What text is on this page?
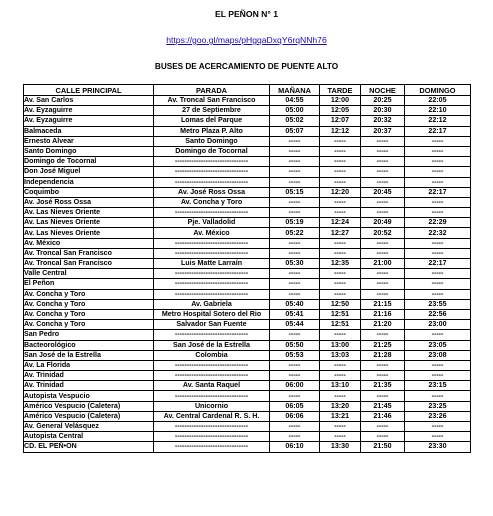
EL PEÑON N° 1
https://goo.gl/maps/pHgqaDxqY6rqNNh76
BUSES DE ACERCAMIENTO DE PUENTE ALTO
CALLE PRINCIPAL	PARADA	MAÑANA	TARDE	NOCHE	DOMINGO
Av. San Carlos	Av. Troncal San Francisco	04:55	12:00	20:25	22:05
Av. Eyzaguirre	27 de Septiembre	05:00	12:05	20:30	22:10
Av. Eyzaguirre	Lomas del Parque	05:02	12:07	20:32	22:12
Balmaceda	Metro Plaza P. Alto	05:07	12:12	20:37	22:17
Ernesto Alvear	Santo Domingo	-----	-----	-----	-----
Santo Domingo	Domingo de Tocornal	-----	-----	-----	-----
Domingo de Tocornal	-------------------------------	-----	-----	-----	-----
Don José Miguel	-------------------------------	-----	-----	-----	-----
Independencia	-------------------------------	-----	-----	-----	-----
Coquimbo	Av. José Ross Ossa	05:15	12:20	20:45	22:17
Av. José Ross Ossa	Av. Concha y Toro	-----	-----	-----	-----
Av. Las Nieves Oriente	-------------------------------	-----	-----	-----	-----
Av. Las Nieves Oriente	Pje. Valladolid	05:19	12:24	20:49	22:29
Av. Las Nieves Oriente	Av. México	05:22	12:27	20:52	22:32
Av. México	-------------------------------	-----	-----	-----	-----
Av. Troncal San Francisco	-------------------------------	-----	-----	-----	-----
Av. Troncal San Francisco	Luis Matte Larraín	05:30	12:35	21:00	22:17
Valle Central	-------------------------------	-----	-----	-----	-----
El Peñon	-------------------------------	-----	-----	-----	-----
Av. Concha y Toro	-------------------------------	-----	-----	-----	-----
Av. Concha y Toro	Av. Gabriela	05:40	12:50	21:15	23:55
Av. Concha y Toro	Metro Hospital Sotero del Rio	05:41	12:51	21:16	22:56
Av. Concha y Toro	Salvador San Fuente	05:44	12:51	21:20	23:00
San Pedro	-------------------------------	-----	-----	-----	-----
Bacteorológico	San José de la Estrella	05:50	13:00	21:25	23:05
San José de la Estrella	Colombia	05:53	13:03	21:28	23:08
Av. La Florida	-------------------------------	-----	-----	-----	-----
Av. Trinidad	-------------------------------	-----	-----	-----	-----
Av. Trinidad	Av. Santa Raquel	06:00	13:10	21:35	23:15
Autopista Vespucio	-------------------------------	-----	-----	-----	-----
Américo Vespucio (Caletera)	Unicornio	06:05	13:20	21:45	23:25
Américo Vespucio (Caletera)	Av. Central Cardenal R. S. H.	06:06	13:21	21:46	23:26
Av. General Velásquez	-------------------------------	-----	-----	-----	-----
Autopista Central	-------------------------------	-----	-----	-----	-----
CD. EL PEÑ•ON	-------------------------------	06:10	13:30	21:50	23:30
